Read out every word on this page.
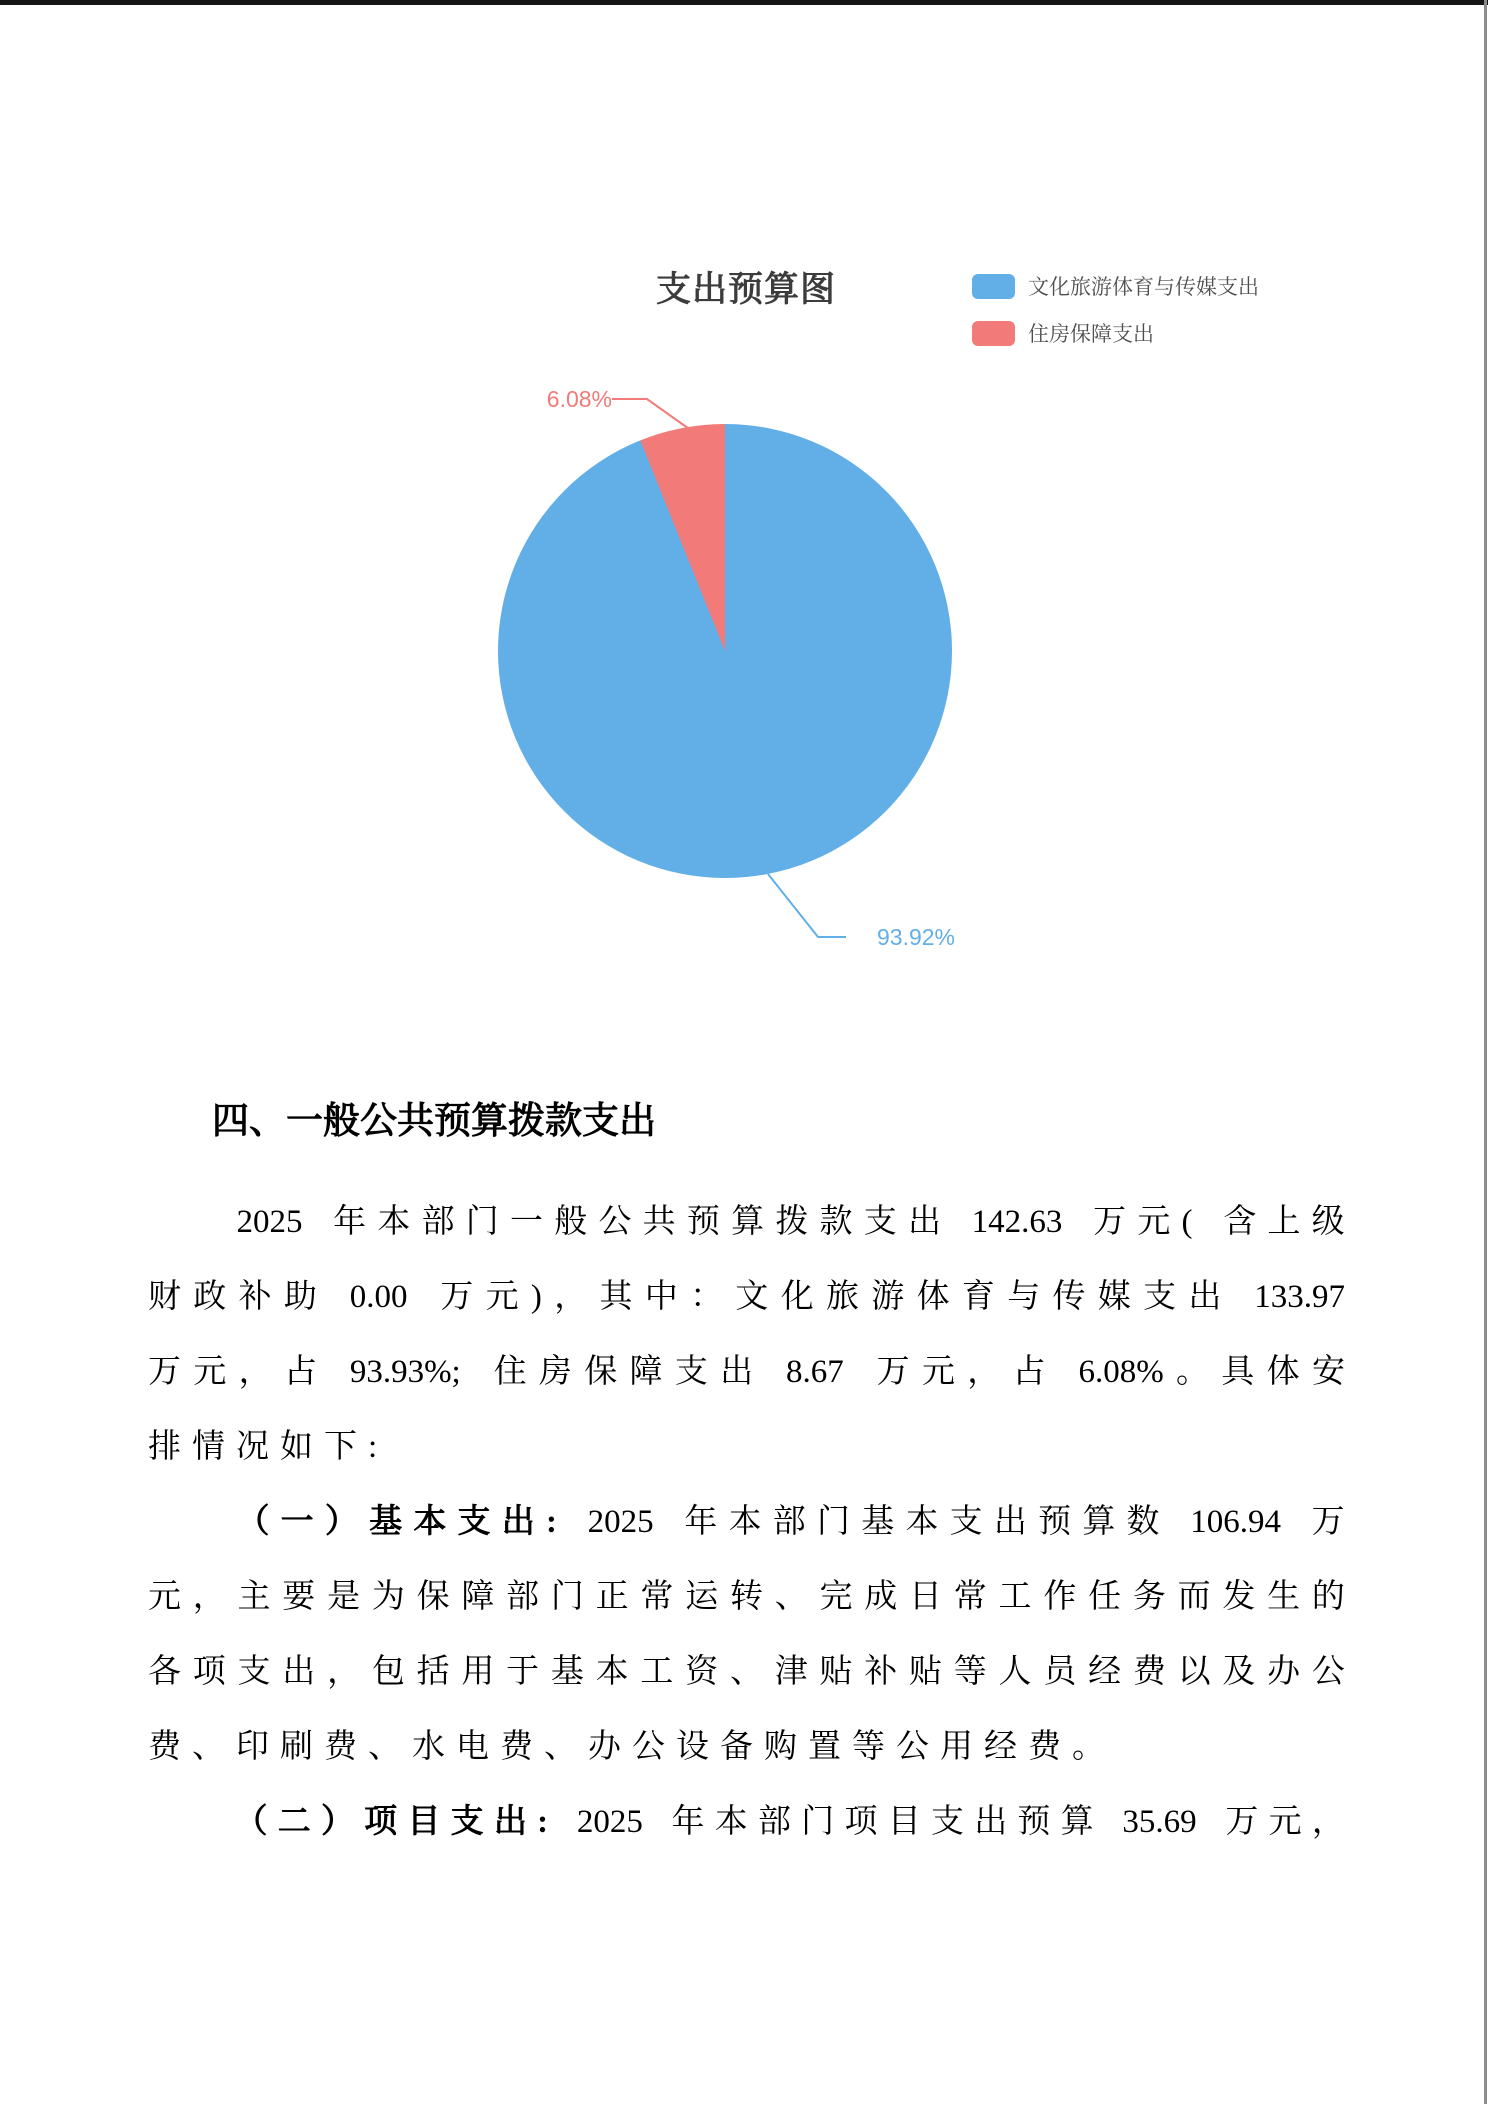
支出预算图	文化旅游体育与传媒支出
住房保障支出
6.08%
93.92%
四、一般公共预算拨款支出

2025
年 本 部 门 一 般 公 共 预 算 拨 款 支 出
142.63
万 元 (
含 上 级
财 政 补 助
0.00
万 元 ) ， 其 中 ： 文 化 旅 游 体 育 与 传 媒 支 出
133.97
万 元 ， 占
93.93%;
住 房 保 障 支 出
8.67
万 元 ， 占
6.08% 。 具 体 安
排情况如下:

（ 一 ） 基 本 支 出 :
2025
年 本 部 门 基 本 支 出 预 算 数
106.94
万
元 ， 主 要 是 为 保 障 部 门 正 常 运 转 、 完 成 日 常 工 作 任 务 而 发 生 的
各 项 支 出 ， 包 括 用 于 基 本 工 资 、 津 贴 补 贴 等 人 员 经 费 以 及 办 公
费、印刷费、水电费、办公设备购置等公用经费。

（ 二 ） 项 目 支 出 :
2025
年 本 部 门 项 目 支 出 预 算
35.69
万 元 ，
